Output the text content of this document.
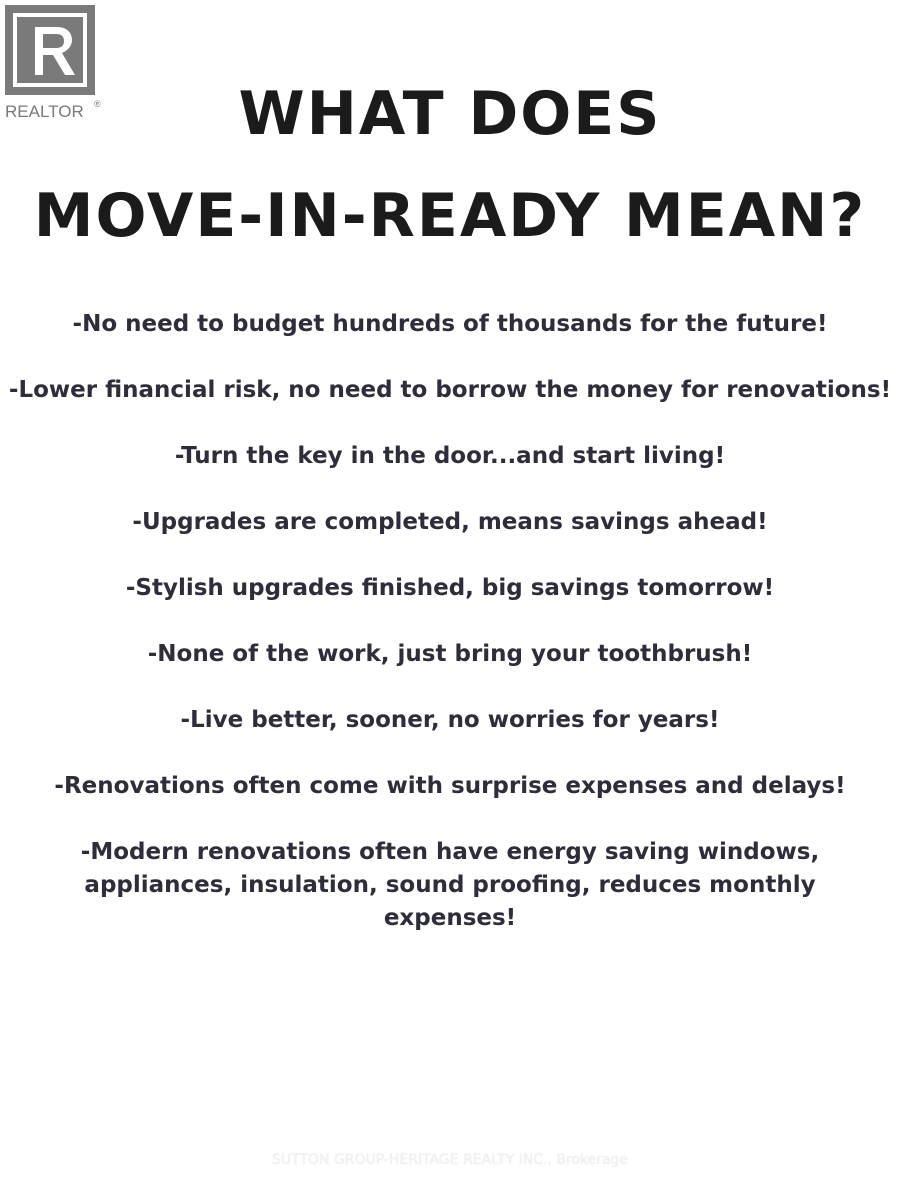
REALTOR ®	WHAT DOES
MOVE-IN-READY MEAN?
-No need to budget hundreds of thousands for the future!
-Lower financial risk, no need to borrow the money for renovations!
-Turn the key in the door...and start living!
-Upgrades are completed, means savings ahead!
-Stylish upgrades finished, big savings tomorrow!
-None of the work, just bring your toothbrush!
-Live better, sooner, no worries for years!
-Renovations often come with surprise expenses and delays!
-Modern renovations often have energy saving windows, appliances, insulation, sound proofing, reduces monthly expenses!
SUTTON GROUP-HERITAGE REALTY INC., Brokerage
